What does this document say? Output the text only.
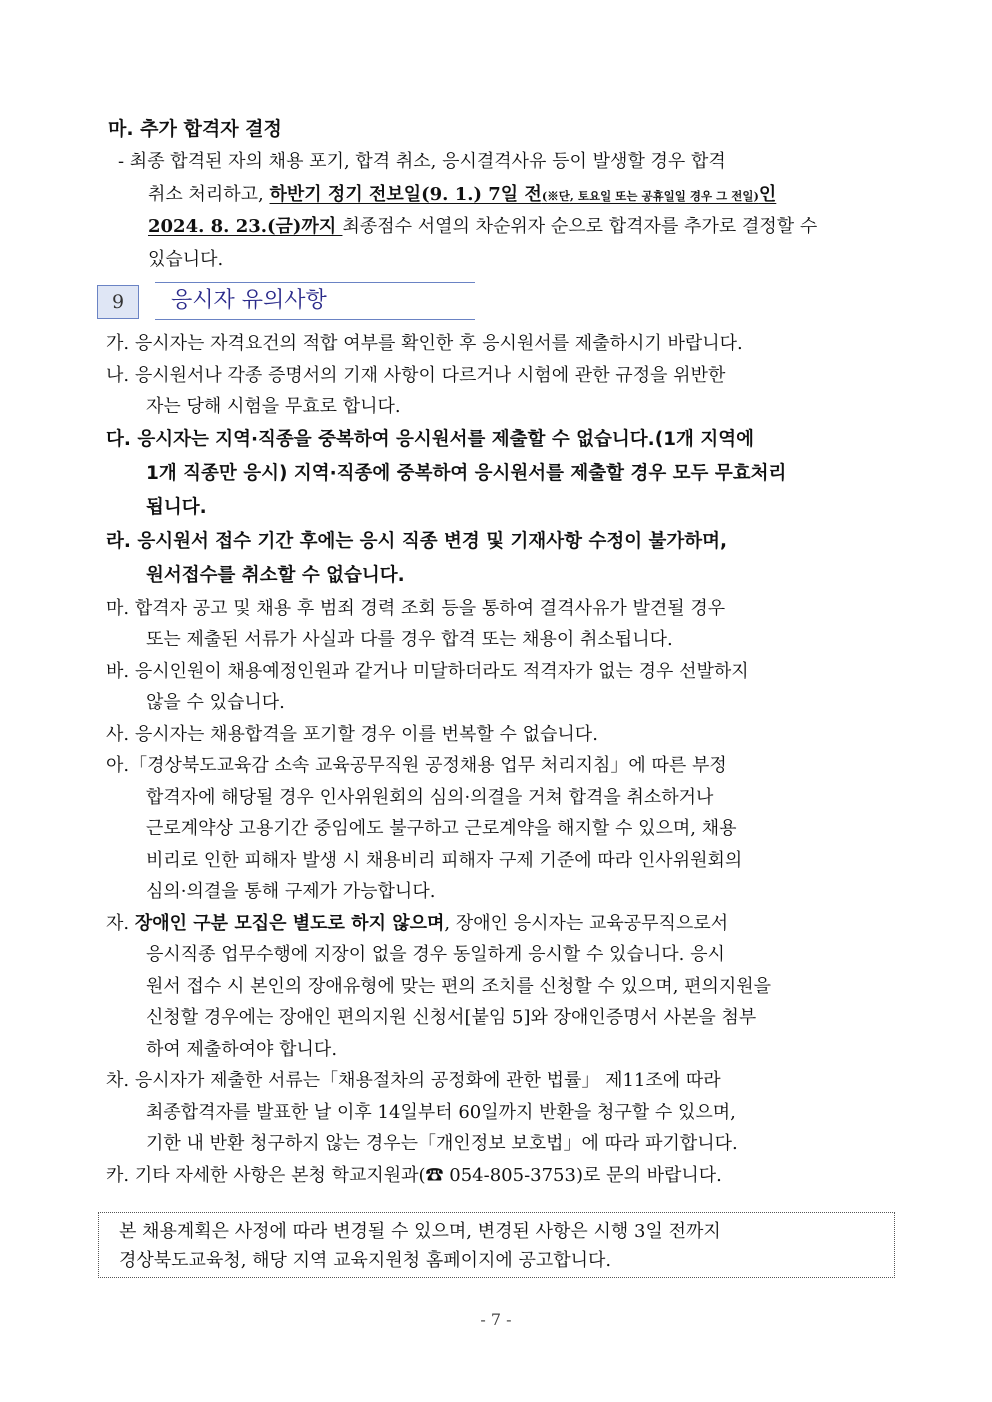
마. 추가 합격자 결정
- 최종 합격된 자의 채용 포기, 합격 취소, 응시결격사유 등이 발생할 경우 합격
취소 처리하고, 하반기 정기 전보일(9. 1.) 7일 전(※단, 토요일 또는 공휴일일 경우 그 전일)인
2024. 8. 23.(금)까지 최종점수 서열의 차순위자 순으로 합격자를 추가로 결정할 수
있습니다.
9	응시자 유의사항
가. 응시자는 자격요건의 적합 여부를 확인한 후 응시원서를 제출하시기 바랍니다.
나. 응시원서나 각종 증명서의 기재 사항이 다르거나 시험에 관한 규정을 위반한
자는 당해 시험을 무효로 합니다.
다. 응시자는 지역·직종을 중복하여 응시원서를 제출할 수 없습니다.(1개 지역에
1개 직종만 응시) 지역·직종에 중복하여 응시원서를 제출할 경우 모두 무효처리
됩니다.
라. 응시원서 접수 기간 후에는 응시 직종 변경 및 기재사항 수정이 불가하며,
원서접수를 취소할 수 없습니다.
마. 합격자 공고 및 채용 후 범죄 경력 조회 등을 통하여 결격사유가 발견될 경우
또는 제출된 서류가 사실과 다를 경우 합격 또는 채용이 취소됩니다.
바. 응시인원이 채용예정인원과 같거나 미달하더라도 적격자가 없는 경우 선발하지
않을 수 있습니다.
사. 응시자는 채용합격을 포기할 경우 이를 번복할 수 없습니다.
아.「경상북도교육감 소속 교육공무직원 공정채용 업무 처리지침」에 따른 부정
합격자에 해당될 경우 인사위원회의 심의·의결을 거쳐 합격을 취소하거나
근로계약상 고용기간 중임에도 불구하고 근로계약을 해지할 수 있으며, 채용
비리로 인한 피해자 발생 시 채용비리 피해자 구제 기준에 따라 인사위원회의
심의·의결을 통해 구제가 가능합니다.
자. 장애인 구분 모집은 별도로 하지 않으며, 장애인 응시자는 교육공무직으로서
응시직종 업무수행에 지장이 없을 경우 동일하게 응시할 수 있습니다. 응시
원서 접수 시 본인의 장애유형에 맞는 편의 조치를 신청할 수 있으며, 편의지원을
신청할 경우에는 장애인 편의지원 신청서[붙임 5]와 장애인증명서 사본을 첨부
하여 제출하여야 합니다.
차. 응시자가 제출한 서류는「채용절차의 공정화에 관한 법률」 제11조에 따라
최종합격자를 발표한 날 이후 14일부터 60일까지 반환을 청구할 수 있으며,
기한 내 반환 청구하지 않는 경우는「개인정보 보호법」에 따라 파기합니다.
카. 기타 자세한 사항은 본청 학교지원과(☎ 054-805-3753)로 문의 바랍니다.
본 채용계획은 사정에 따라 변경될 수 있으며, 변경된 사항은 시행 3일 전까지
경상북도교육청, 해당 지역 교육지원청 홈페이지에 공고합니다.
- 7 -
